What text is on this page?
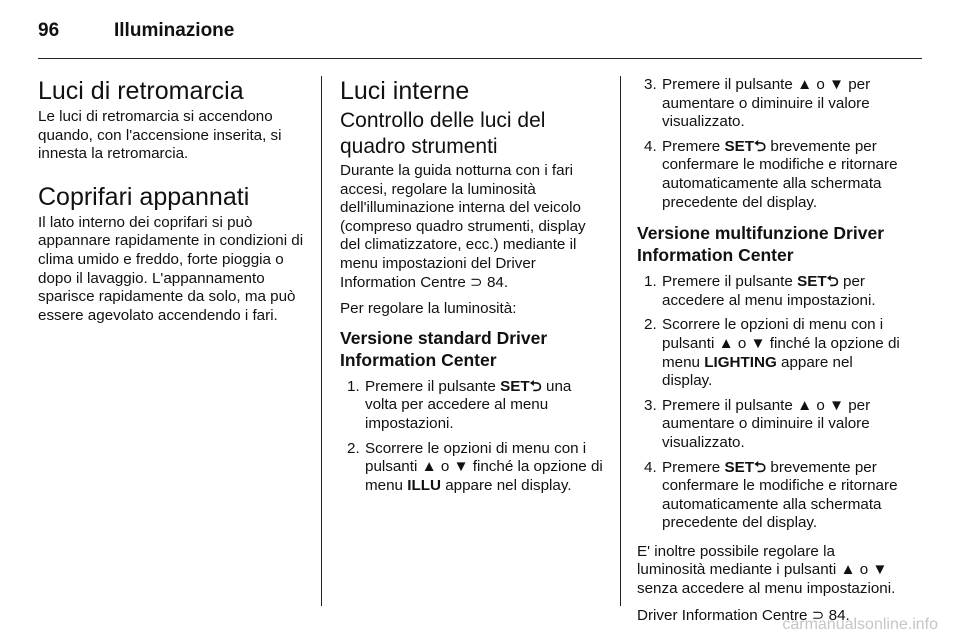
96	Illuminazione
Luci di retromarcia

Le luci di retromarcia si accendono quando, con l'accensione inserita, si innesta la retromarcia.

Coprifari appannati

Il lato interno dei coprifari si può appannare rapidamente in condizioni di clima umido e freddo, forte pioggia o dopo il lavaggio. L'appannamento sparisce rapidamente da solo, ma può essere agevolato accendendo i fari.

Luci interne
Controllo delle luci del quadro strumenti

Durante la guida notturna con i fari accesi, regolare la luminosità dell'illuminazione interna del veicolo (compreso quadro strumenti, display del climatizzatore, ecc.) mediante il menu impostazioni del Driver Information Centre ⊃ 84.

Per regolare la luminosità:

Versione standard Driver Information Center
1. Premere il pulsante SET⮌ una volta per accedere al menu impostazioni.
2. Scorrere le opzioni di menu con i pulsanti ▲ o ▼ finché la opzione di menu ILLU appare nel display.
3. Premere il pulsante ▲ o ▼ per aumentare o diminuire il valore visualizzato.
4. Premere SET⮌ brevemente per confermare le modifiche e ritornare automaticamente alla schermata precedente del display.
Versione multifunzione Driver Information Center
1. Premere il pulsante SET⮌ per accedere al menu impostazioni.
2. Scorrere le opzioni di menu con i pulsanti ▲ o ▼ finché la opzione di menu LIGHTING appare nel display.
3. Premere il pulsante ▲ o ▼ per aumentare o diminuire il valore visualizzato.
4. Premere SET⮌ brevemente per confermare le modifiche e ritornare automaticamente alla schermata precedente del display.

E' inoltre possibile regolare la luminosità mediante i pulsanti ▲ o ▼ senza accedere al menu impostazioni.

Driver Information Centre ⊃ 84.

carmanualsonline.info
